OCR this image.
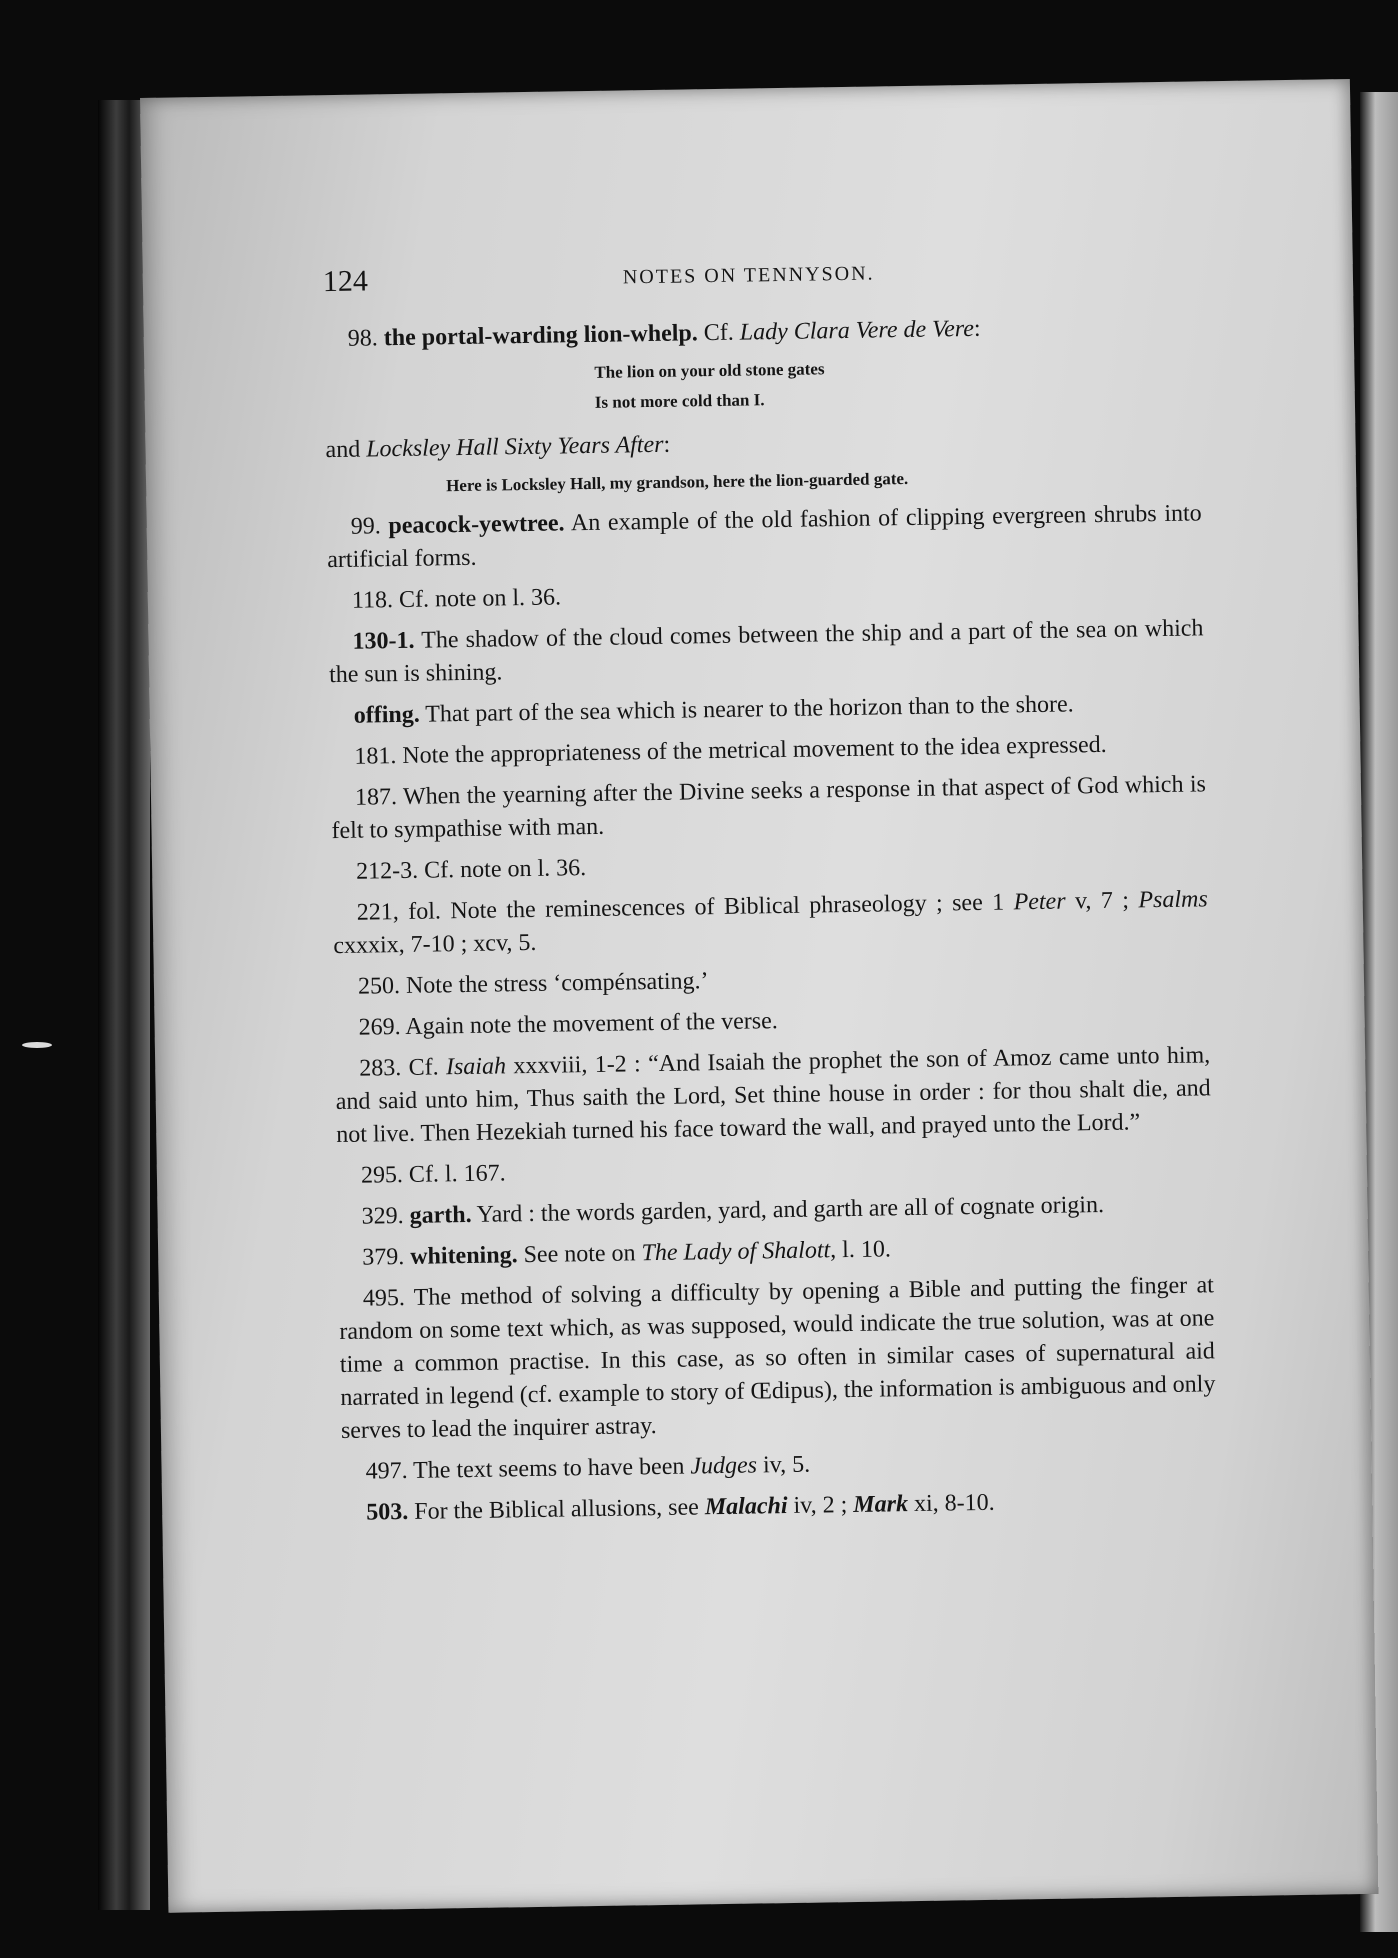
124	NOTES ON TENNYSON.

98. the portal-warding lion-whelp. Cf. Lady Clara Vere de Vere:

The lion on your old stone gates
Is not more cold than I.

and Locksley Hall Sixty Years After:

Here is Locksley Hall, my grandson, here the lion-guarded gate.

99. peacock-yewtree. An example of the old fashion of clipping evergreen shrubs into artificial forms.

118. Cf. note on l. 36.

130-1. The shadow of the cloud comes between the ship and a part of the sea on which the sun is shining.

offing. That part of the sea which is nearer to the horizon than to the shore.

181. Note the appropriateness of the metrical movement to the idea expressed.

187. When the yearning after the Divine seeks a response in that aspect of God which is felt to sympathise with man.

212-3. Cf. note on l. 36.

221, fol. Note the reminescences of Biblical phraseology ; see 1 Peter v, 7 ; Psalms cxxxix, 7-10 ; xcv, 5.

250. Note the stress ‘compénsating.’

269. Again note the movement of the verse.

283. Cf. Isaiah xxxviii, 1-2 : “And Isaiah the prophet the son of Amoz came unto him, and said unto him, Thus saith the Lord, Set thine house in order : for thou shalt die, and not live. Then Hezekiah turned his face toward the wall, and prayed unto the Lord.”

295. Cf. l. 167.

329. garth. Yard : the words garden, yard, and garth are all of cognate origin.

379. whitening. See note on The Lady of Shalott, l. 10.

495. The method of solving a difficulty by opening a Bible and putting the finger at random on some text which, as was supposed, would indicate the true solution, was at one time a common practise. In this case, as so often in similar cases of supernatural aid narrated in legend (cf. example to story of Œdipus), the information is ambiguous and only serves to lead the inquirer astray.

497. The text seems to have been Judges iv, 5.

503. For the Biblical allusions, see Malachi iv, 2 ; Mark xi, 8-10.
